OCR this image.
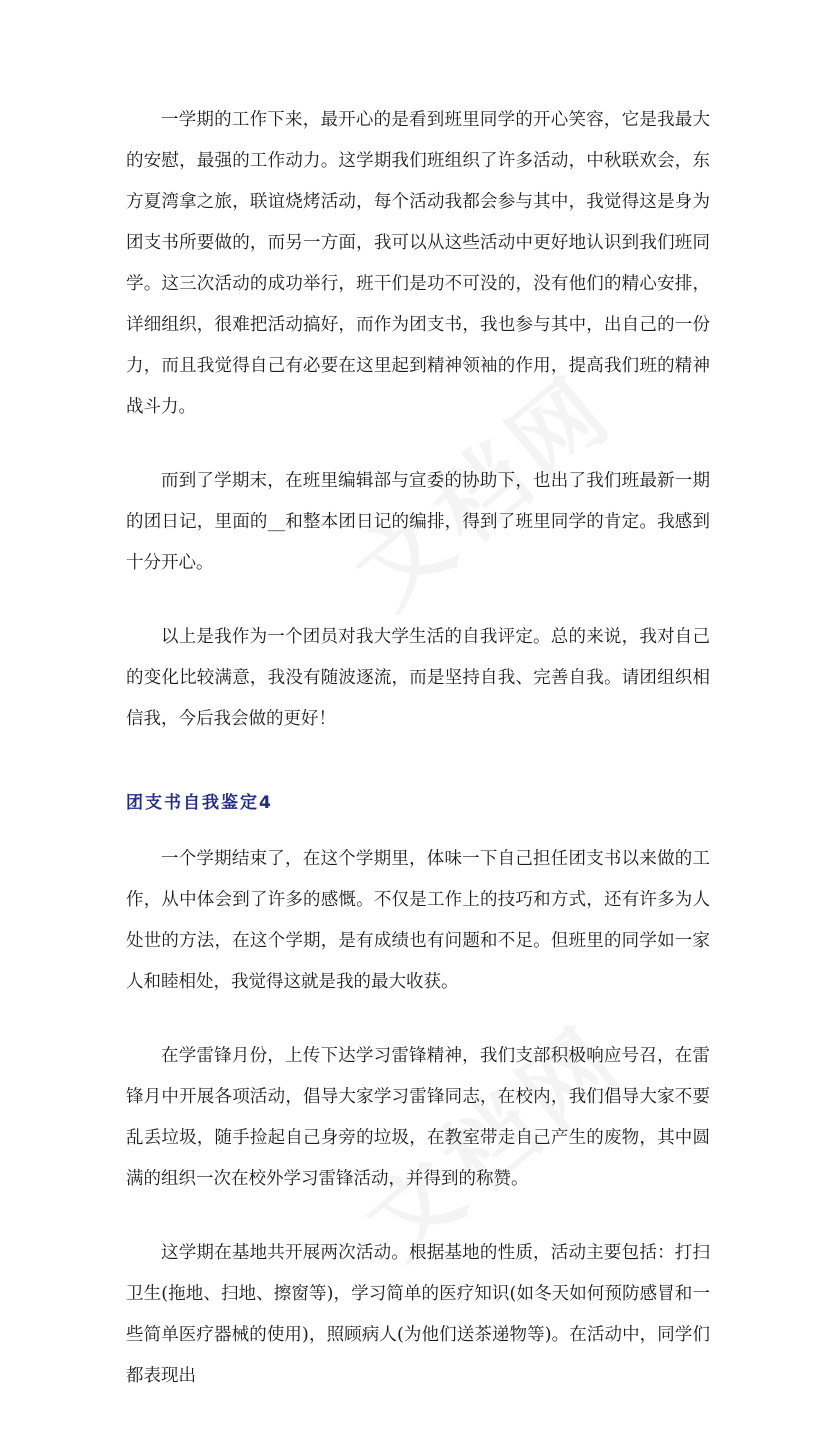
一学期的工作下来，最开心的是看到班里同学的开心笑容，它是我最大的安慰，最强的工作动力。这学期我们班组织了许多活动，中秋联欢会，东方夏湾拿之旅，联谊烧烤活动，每个活动我都会参与其中，我觉得这是身为团支书所要做的，而另一方面，我可以从这些活动中更好地认识到我们班同学。这三次活动的成功举行，班干们是功不可没的，没有他们的精心安排，详细组织，很难把活动搞好，而作为团支书，我也参与其中，出自己的一份力，而且我觉得自己有必要在这里起到精神领袖的作用，提高我们班的精神战斗力。

而到了学期末，在班里编辑部与宣委的协助下，也出了我们班最新一期的团日记，里面的__和整本团日记的编排，得到了班里同学的肯定。我感到十分开心。

以上是我作为一个团员对我大学生活的自我评定。总的来说，我对自己的变化比较满意，我没有随波逐流，而是坚持自我、完善自我。请团组织相信我，今后我会做的更好！

团支书自我鉴定4

一个学期结束了，在这个学期里，体味一下自己担任团支书以来做的工作，从中体会到了许多的感慨。不仅是工作上的技巧和方式，还有许多为人处世的方法，在这个学期，是有成绩也有问题和不足。但班里的同学如一家人和睦相处，我觉得这就是我的最大收获。

在学雷锋月份，上传下达学习雷锋精神，我们支部积极响应号召，在雷锋月中开展各项活动，倡导大家学习雷锋同志，在校内，我们倡导大家不要乱丢垃圾，随手捡起自己身旁的垃圾，在教室带走自己产生的废物，其中圆满的组织一次在校外学习雷锋活动，并得到的称赞。

这学期在基地共开展两次活动。根据基地的性质，活动主要包括：打扫卫生(拖地、扫地、擦窗等)，学习简单的医疗知识(如冬天如何预防感冒和一些简单医疗器械的使用)，照顾病人(为他们送茶递物等)。在活动中，同学们都表现出
